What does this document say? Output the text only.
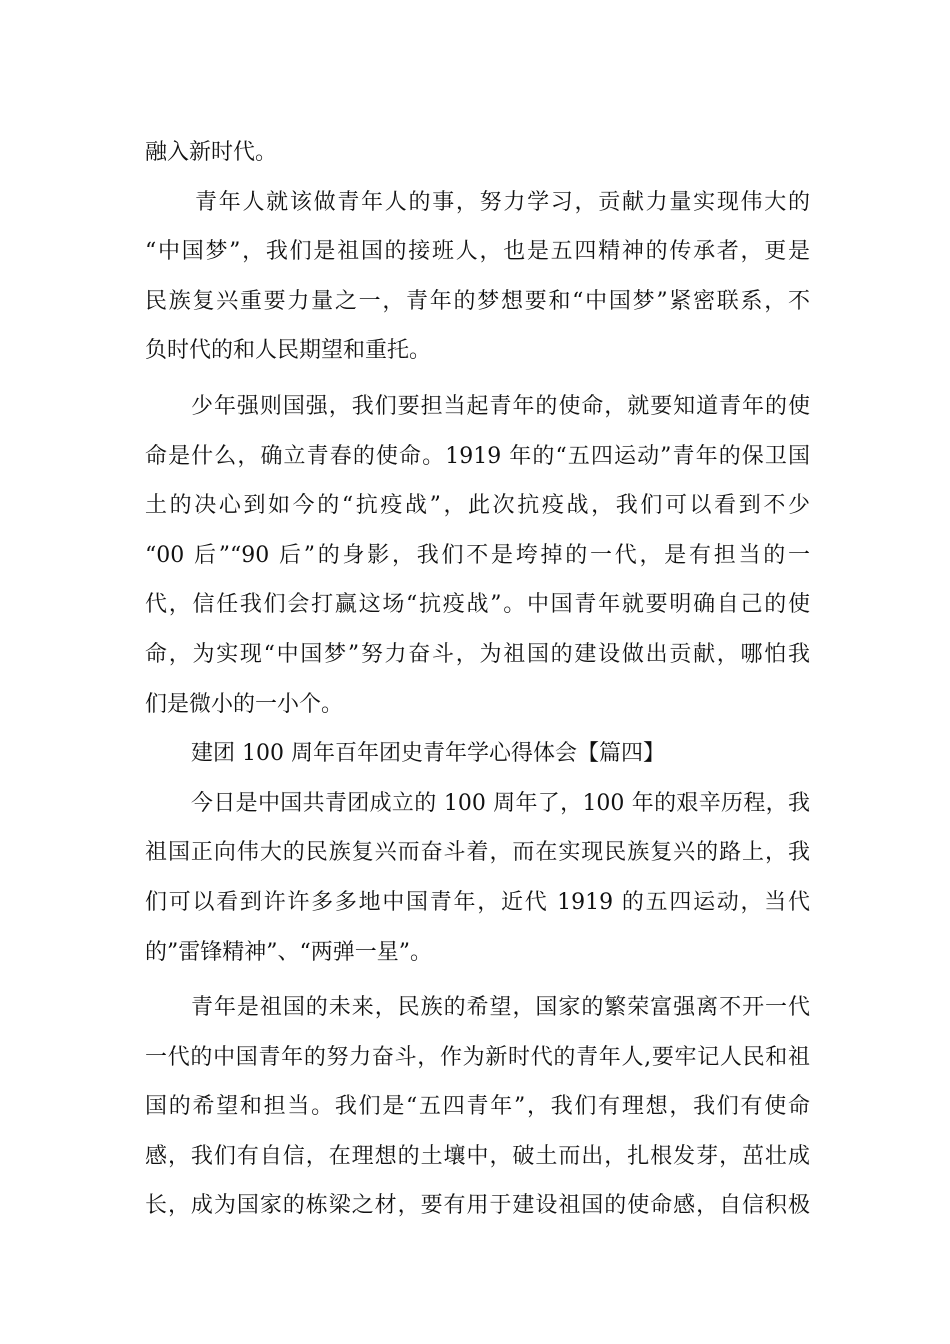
融入新时代。
青年人就该做青年人的事，努力学习，贡献力量实现伟大的
“中国梦”，我们是祖国的接班人，也是五四精神的传承者，更是
民族复兴重要力量之一，青年的梦想要和“中国梦”紧密联系，不
负时代的和人民期望和重托。
少年强则国强，我们要担当起青年的使命，就要知道青年的使
命是什么，确立青春的使命。1919 年的“五四运动”青年的保卫国
土的决心到如今的“抗疫战”，此次抗疫战，我们可以看到不少
“00 后”“90 后”的身影，我们不是垮掉的一代，是有担当的一
代，信任我们会打赢这场“抗疫战”。中国青年就要明确自己的使
命，为实现“中国梦”努力奋斗，为祖国的建设做出贡献，哪怕我
们是微小的一小个。
建团 100 周年百年团史青年学心得体会【篇四】
今日是中国共青团成立的 100 周年了，100 年的艰辛历程，我
祖国正向伟大的民族复兴而奋斗着，而在实现民族复兴的路上，我
们可以看到许许多多地中国青年，近代 1919 的五四运动，当代
的”雷锋精神”、“两弹一星”。
青年是祖国的未来，民族的希望，国家的繁荣富强离不开一代
一代的中国青年的努力奋斗，作为新时代的青年人,要牢记人民和祖
国的希望和担当。我们是“五四青年”，我们有理想，我们有使命
感，我们有自信，在理想的土壤中，破土而出，扎根发芽，茁壮成
长，成为国家的栋梁之材，要有用于建设祖国的使命感，自信积极
